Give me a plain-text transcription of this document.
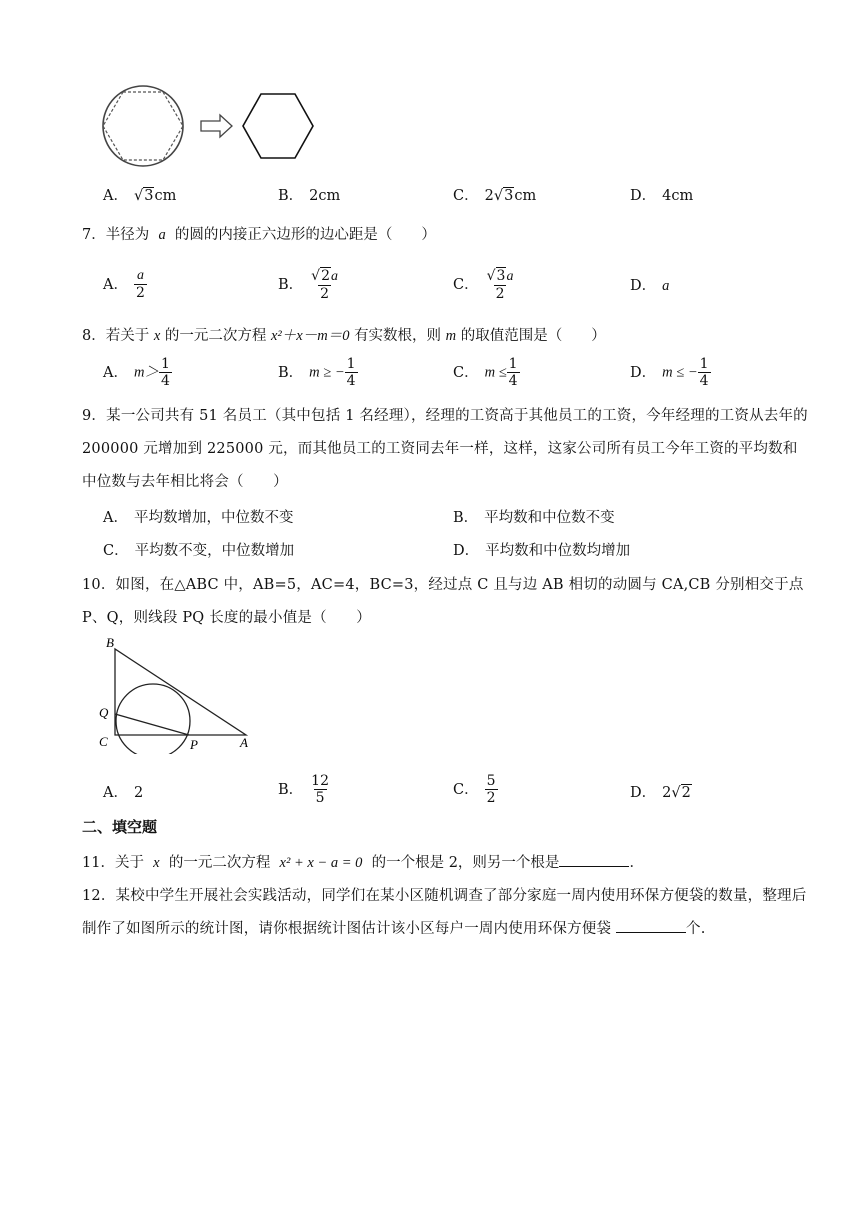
A． √3cm	B． 2cm	C． 2√3cm	D． 4cm
7．半径为 a 的圆的内接正六边形的边心距是（　　）
A． $\frac{a}{2}$	B． $\frac{√2a}{2}$	C． $\frac{√3a}{2}$	D． a
8．若关于 x 的一元二次方程 x²＋x－m＝0 有实数根，则 m 的取值范围是（　　）
A． $m> \frac{1}{4}$	B． m ≥ − $\frac{1}{4}$	C． $m \le \frac{1}{4}$	D． m ≤ − $\frac{1}{4}$
9．某一公司共有 51 名员工（其中包括 1 名经理），经理的工资高于其他员工的工资，今年经理的工资从去年的 200000 元增加到 225000 元，而其他员工的工资同去年一样，这样，这家公司所有员工今年工资的平均数和中位数与去年相比将会（　　）
A． 平均数增加，中位数不变	B． 平均数和中位数不变
C． 平均数不变，中位数增加	D． 平均数和中位数均增加
10．如图，在△ABC 中，AB=5，AC=4，BC=3，经过点 C 且与边 AB 相切的动圆与 CA,CB 分别相交于点 P、Q，则线段 PQ 长度的最小值是（　　）
B
Q
C	P	A
A． 2	B． $\frac{12}{5}$	C． $\frac{5}{2}$	D． 2√2
二、填空题
11．关于 x 的一元二次方程 x² + x − a = 0 的一个根是 2，则另一个根是	．
12．某校中学生开展社会实践活动，同学们在某小区随机调查了部分家庭一周内使用环保方便袋的数量，整理后制作了如图所示的统计图，请你根据统计图估计该小区每户一周内使用环保方便袋	个.
